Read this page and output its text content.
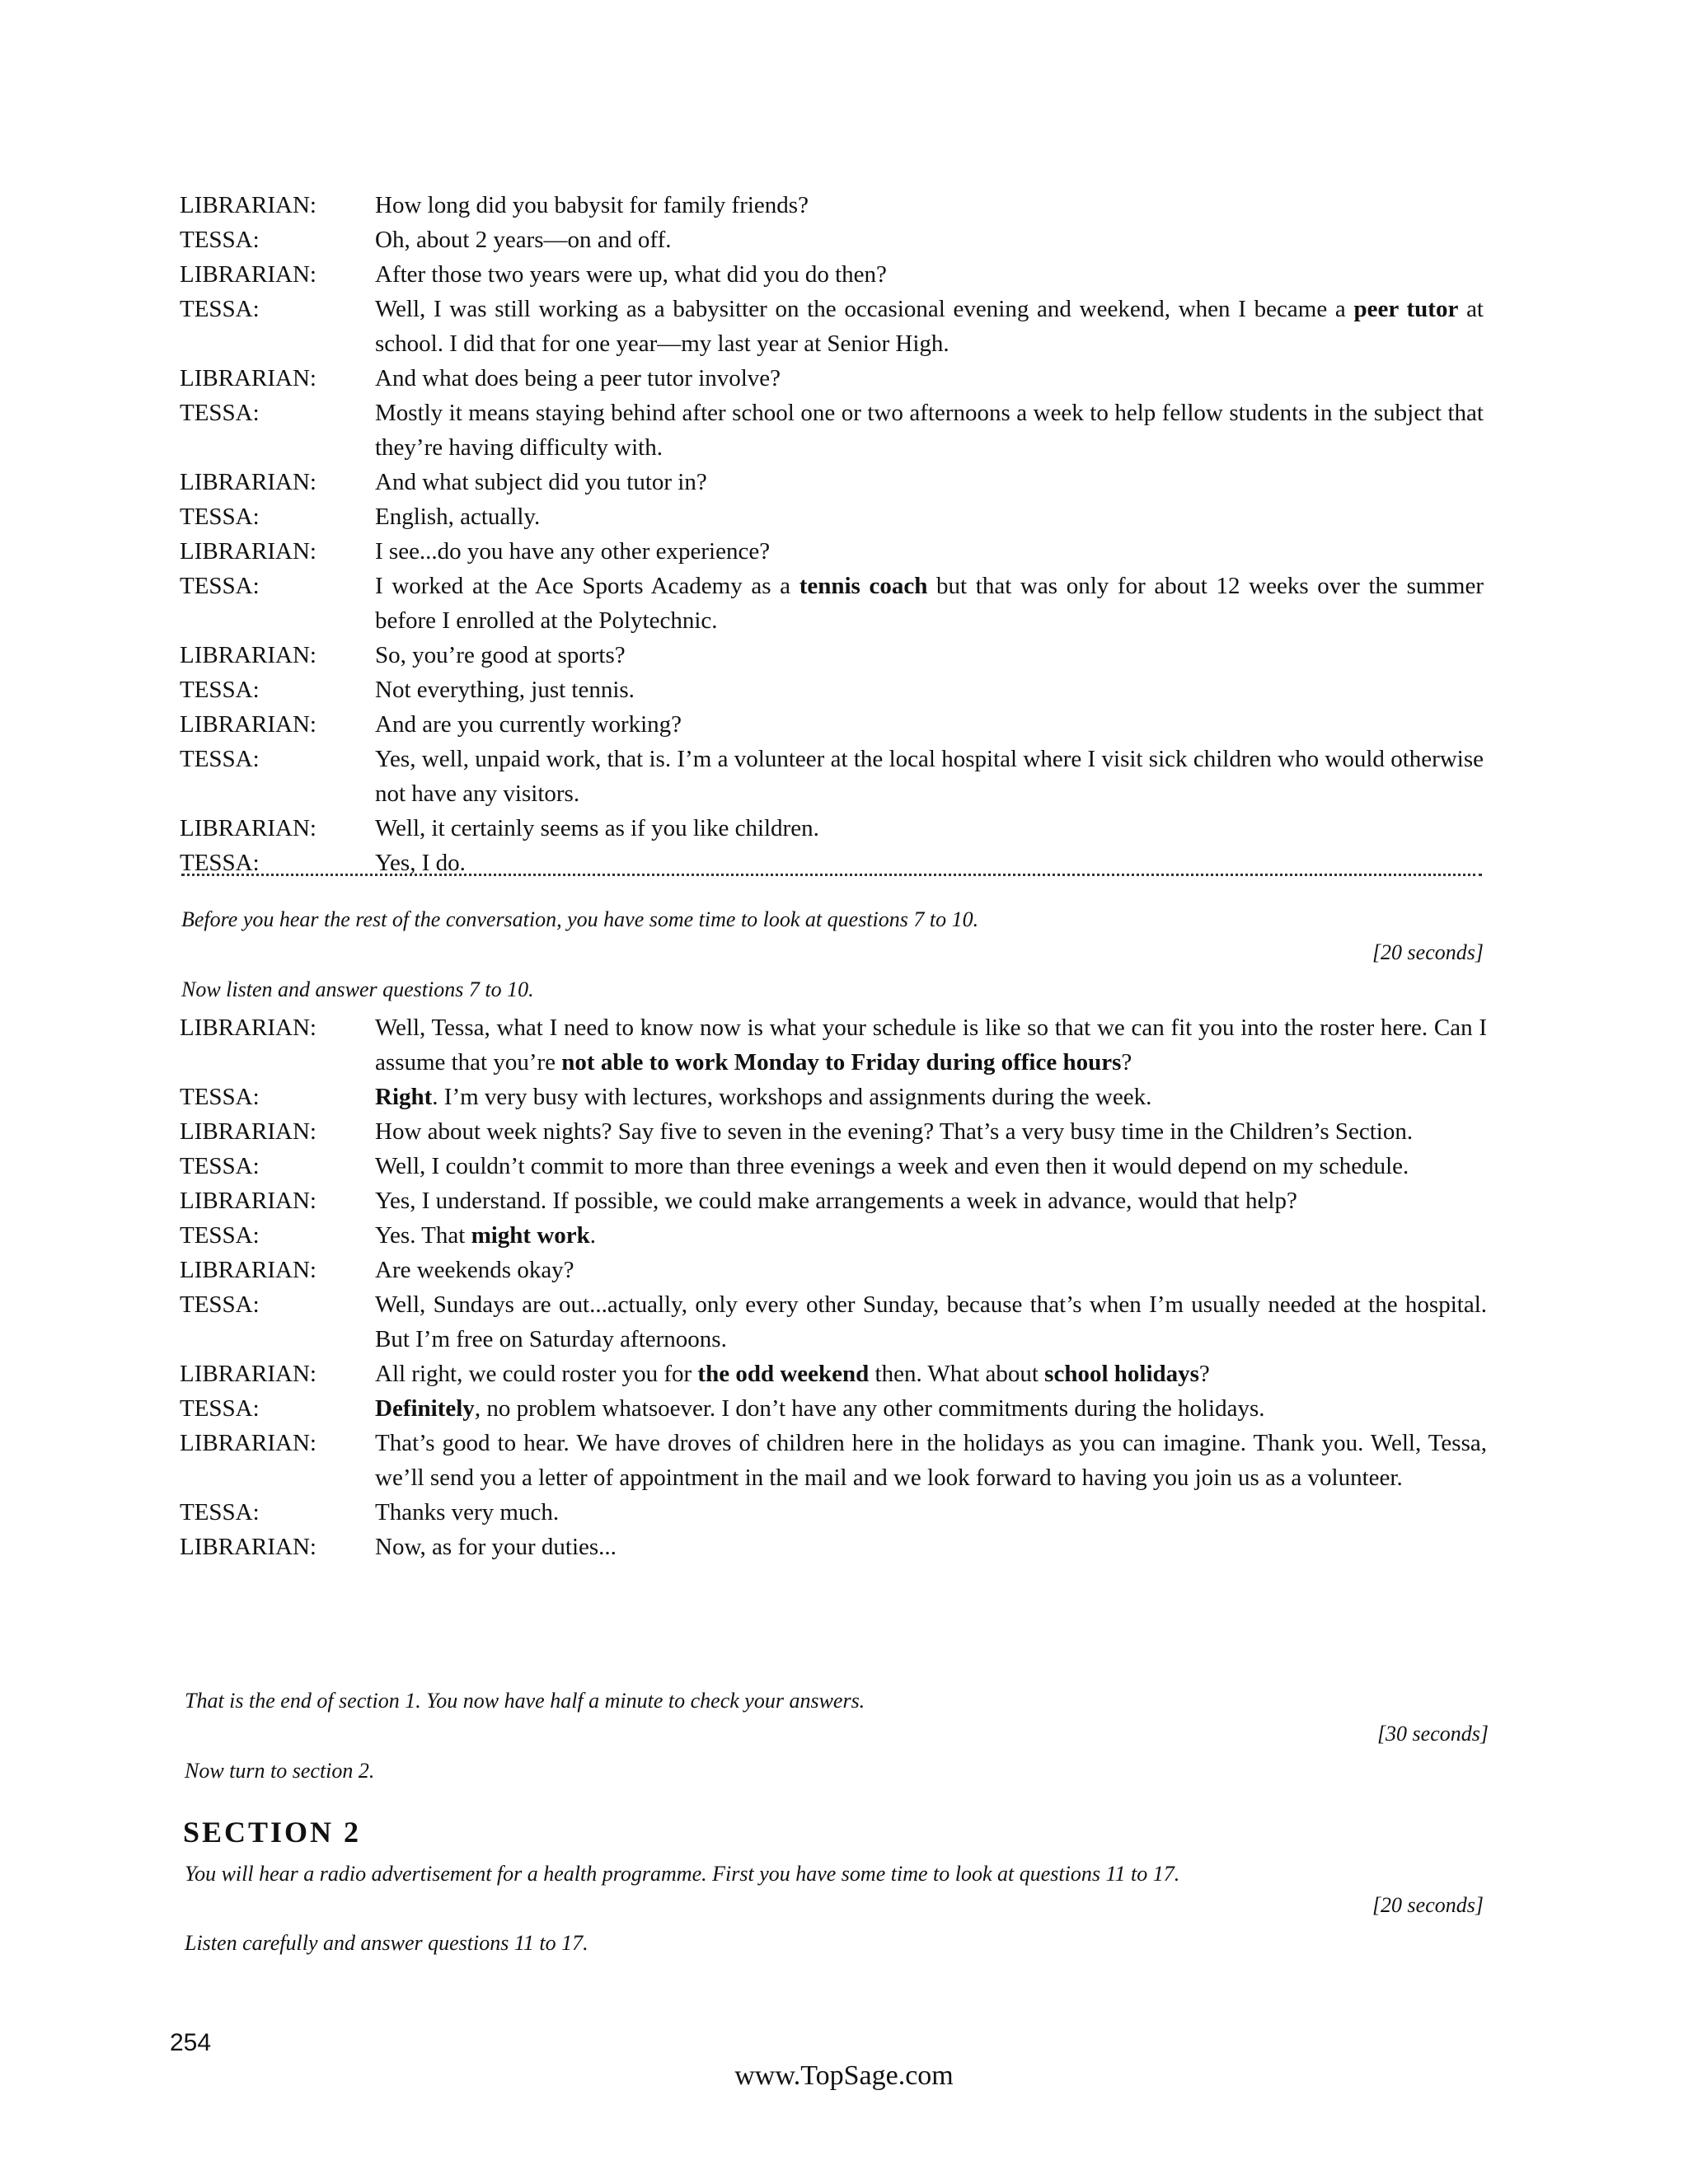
LIBRARIAN:	How long did you babysit for family friends?
TESSA:	Oh, about 2 years—on and off.
LIBRARIAN:	After those two years were up, what did you do then?
TESSA:	Well, I was still working as a babysitter on the occasional evening and weekend, when I became a peer tutor at school. I did that for one year—my last year at Senior High.
LIBRARIAN:	And what does being a peer tutor involve?
TESSA:	Mostly it means staying behind after school one or two afternoons a week to help fellow students in the subject that they’re having difficulty with.
LIBRARIAN:	And what subject did you tutor in?
TESSA:	English, actually.
LIBRARIAN:	I see...do you have any other experience?
TESSA:	I worked at the Ace Sports Academy as a tennis coach but that was only for about 12 weeks over the summer before I enrolled at the Polytechnic.
LIBRARIAN:	So, you’re good at sports?
TESSA:	Not everything, just tennis.
LIBRARIAN:	And are you currently working?
TESSA:	Yes, well, unpaid work, that is. I’m a volunteer at the local hospital where I visit sick children who would otherwise not have any visitors.
LIBRARIAN:	Well, it certainly seems as if you like children.
TESSA:	Yes, I do.
Before you hear the rest of the conversation, you have some time to look at questions 7 to 10.
[20 seconds]
Now listen and answer questions 7 to 10.
LIBRARIAN:	Well, Tessa, what I need to know now is what your schedule is like so that we can fit you into the roster here. Can I assume that you’re not able to work Monday to Friday during office hours?
TESSA:	Right. I’m very busy with lectures, workshops and assignments during the week.
LIBRARIAN:	How about week nights? Say five to seven in the evening? That’s a very busy time in the Children’s Section.
TESSA:	Well, I couldn’t commit to more than three evenings a week and even then it would depend on my schedule.
LIBRARIAN:	Yes, I understand. If possible, we could make arrangements a week in advance, would that help?
TESSA:	Yes. That might work.
LIBRARIAN:	Are weekends okay?
TESSA:	Well, Sundays are out...actually, only every other Sunday, because that’s when I’m usually needed at the hospital. But I’m free on Saturday afternoons.
LIBRARIAN:	All right, we could roster you for the odd weekend then. What about school holidays?
TESSA:	Definitely, no problem whatsoever. I don’t have any other commitments during the holidays.
LIBRARIAN:	That’s good to hear. We have droves of children here in the holidays as you can imagine. Thank you. Well, Tessa, we’ll send you a letter of appointment in the mail and we look forward to having you join us as a volunteer.
TESSA:	Thanks very much.
LIBRARIAN:	Now, as for your duties...
That is the end of section 1. You now have half a minute to check your answers.
[30 seconds]
Now turn to section 2.
SECTION 2
You will hear a radio advertisement for a health programme. First you have some time to look at questions 11 to 17.
[20 seconds]
Listen carefully and answer questions 11 to 17.
254
www.TopSage.com
